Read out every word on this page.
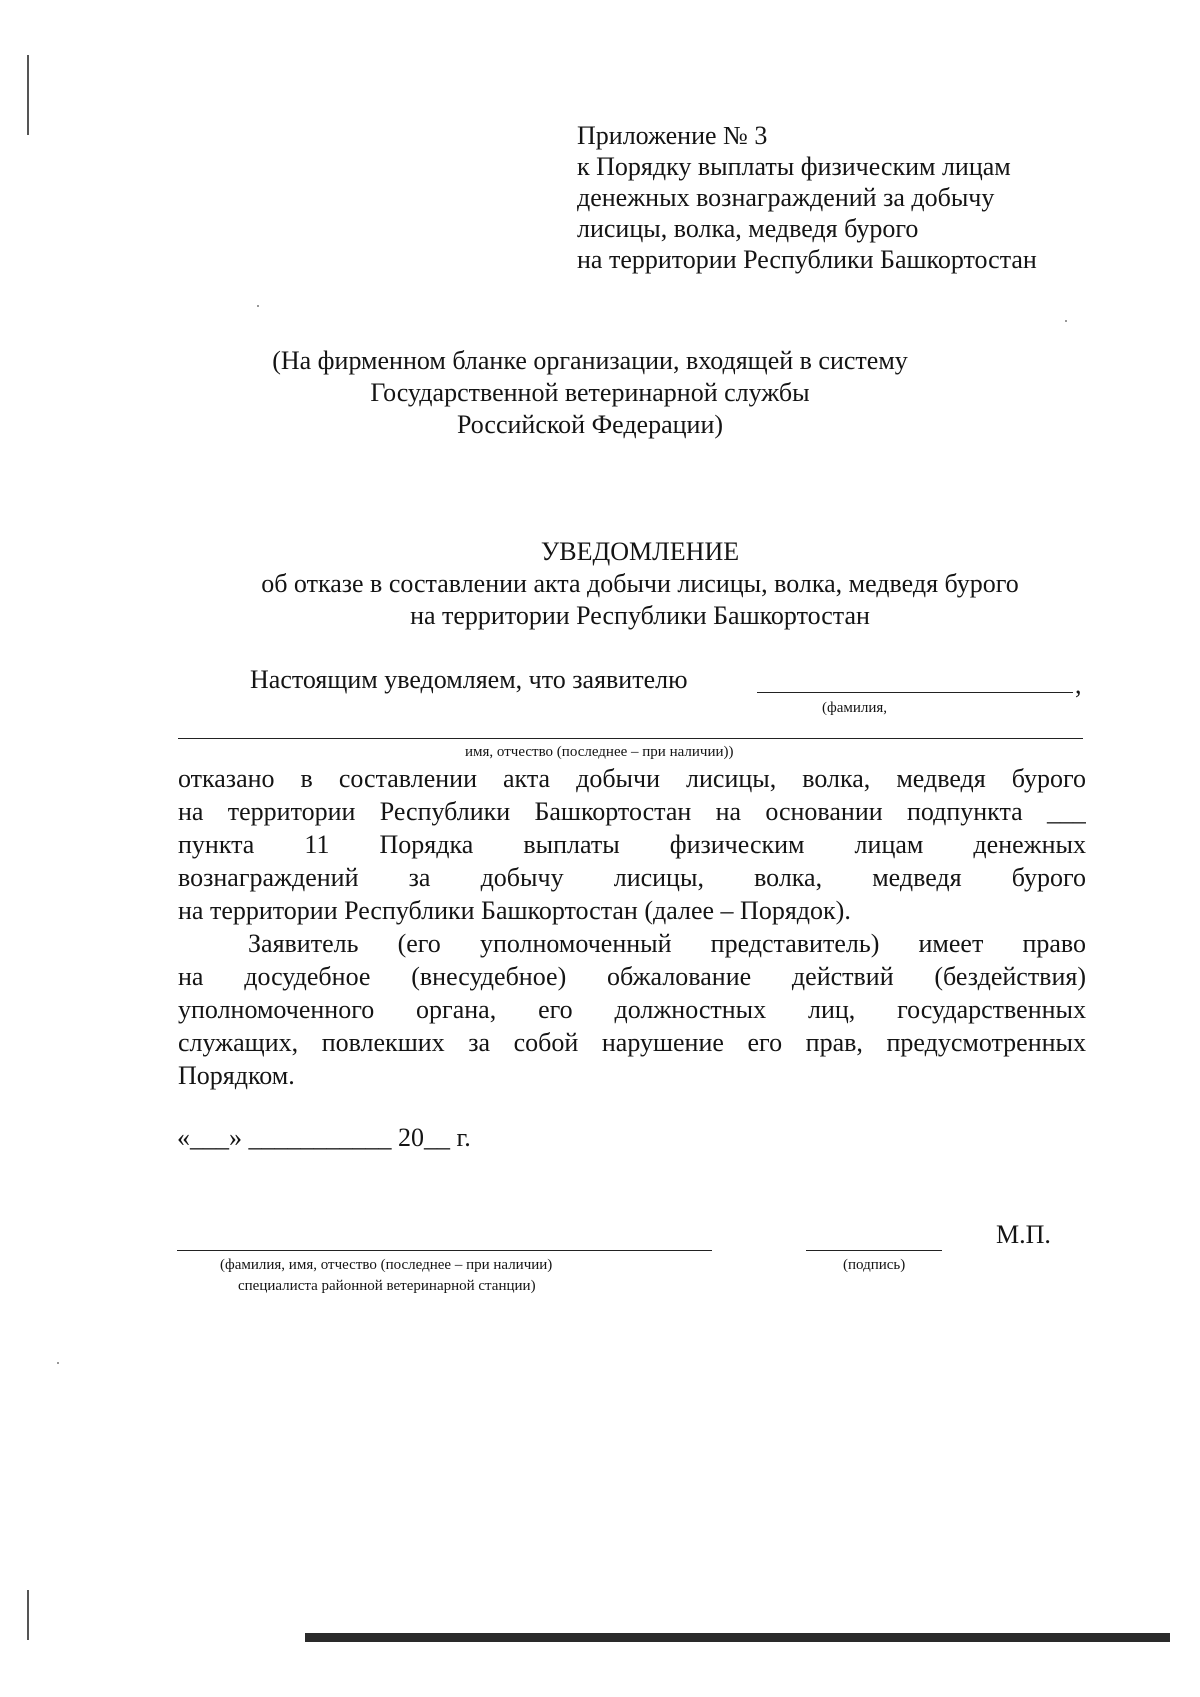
Приложение № 3
к Порядку выплаты физическим лицам
денежных вознаграждений за добычу
лисицы, волка, медведя бурого
на территории Республики Башкортостан
(На фирменном бланке организации, входящей в систему
Государственной ветеринарной службы
Российской Федерации)
УВЕДОМЛЕНИЕ
об отказе в составлении акта добычи лисицы, волка, медведя бурого
на территории Республики Башкортостан
Настоящим уведомляем, что заявителю	,
(фамилия,
имя, отчество (последнее – при наличии))
отказано в составлении акта добычи лисицы, волка, медведя бурого
на территории Республики Башкортостан на основании подпункта ___
пункта 11 Порядка выплаты физическим лицам денежных
вознаграждений за добычу лисицы, волка, медведя бурого
на территории Республики Башкортостан (далее – Порядок).
Заявитель (его уполномоченный представитель) имеет право
на досудебное (внесудебное) обжалование действий (бездействия)
уполномоченного органа, его должностных лиц, государственных
служащих, повлекших за собой нарушение его прав, предусмотренных
Порядком.
«___» ___________ 20__ г.
(фамилия, имя, отчество (последнее – при наличии)
специалиста районной ветеринарной станции)
(подпись)
М.П.
